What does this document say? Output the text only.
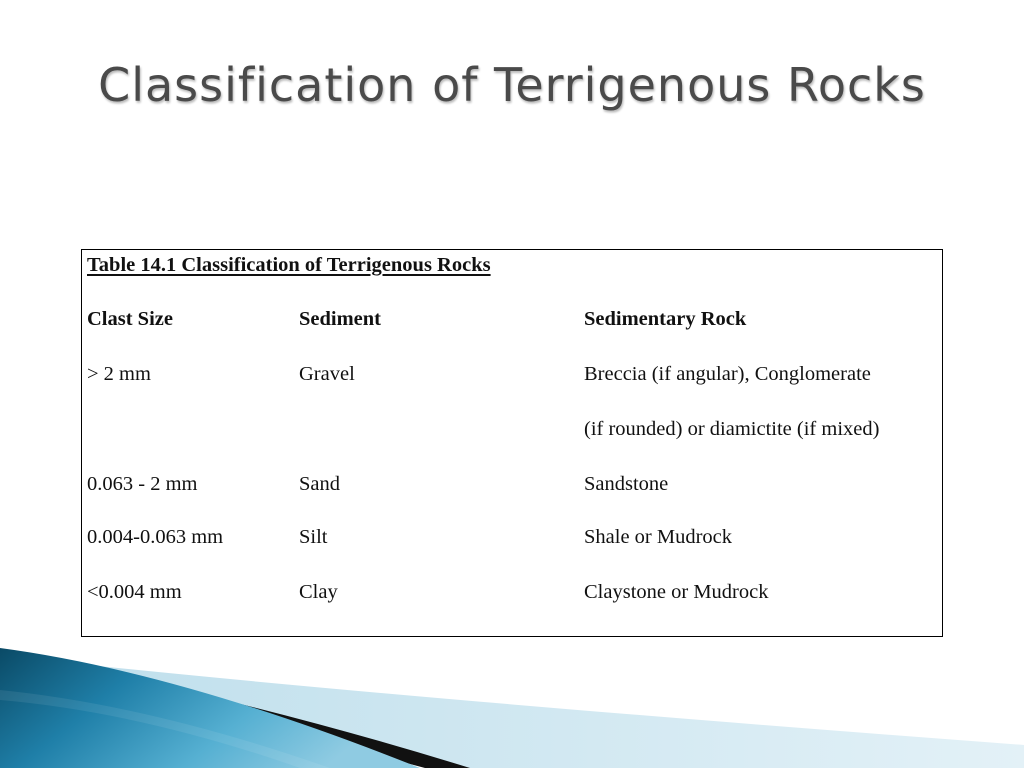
Classification of Terrigenous Rocks
Table 14.1 Classification of Terrigenous Rocks
Clast Size	Sediment	Sedimentary Rock
> 2 mm	Gravel	Breccia (if angular), Conglomerate
(if rounded) or diamictite (if mixed)
0.063 - 2 mm	Sand	Sandstone
0.004-0.063 mm	Silt	Shale or Mudrock
<0.004 mm	Clay	Claystone or Mudrock
